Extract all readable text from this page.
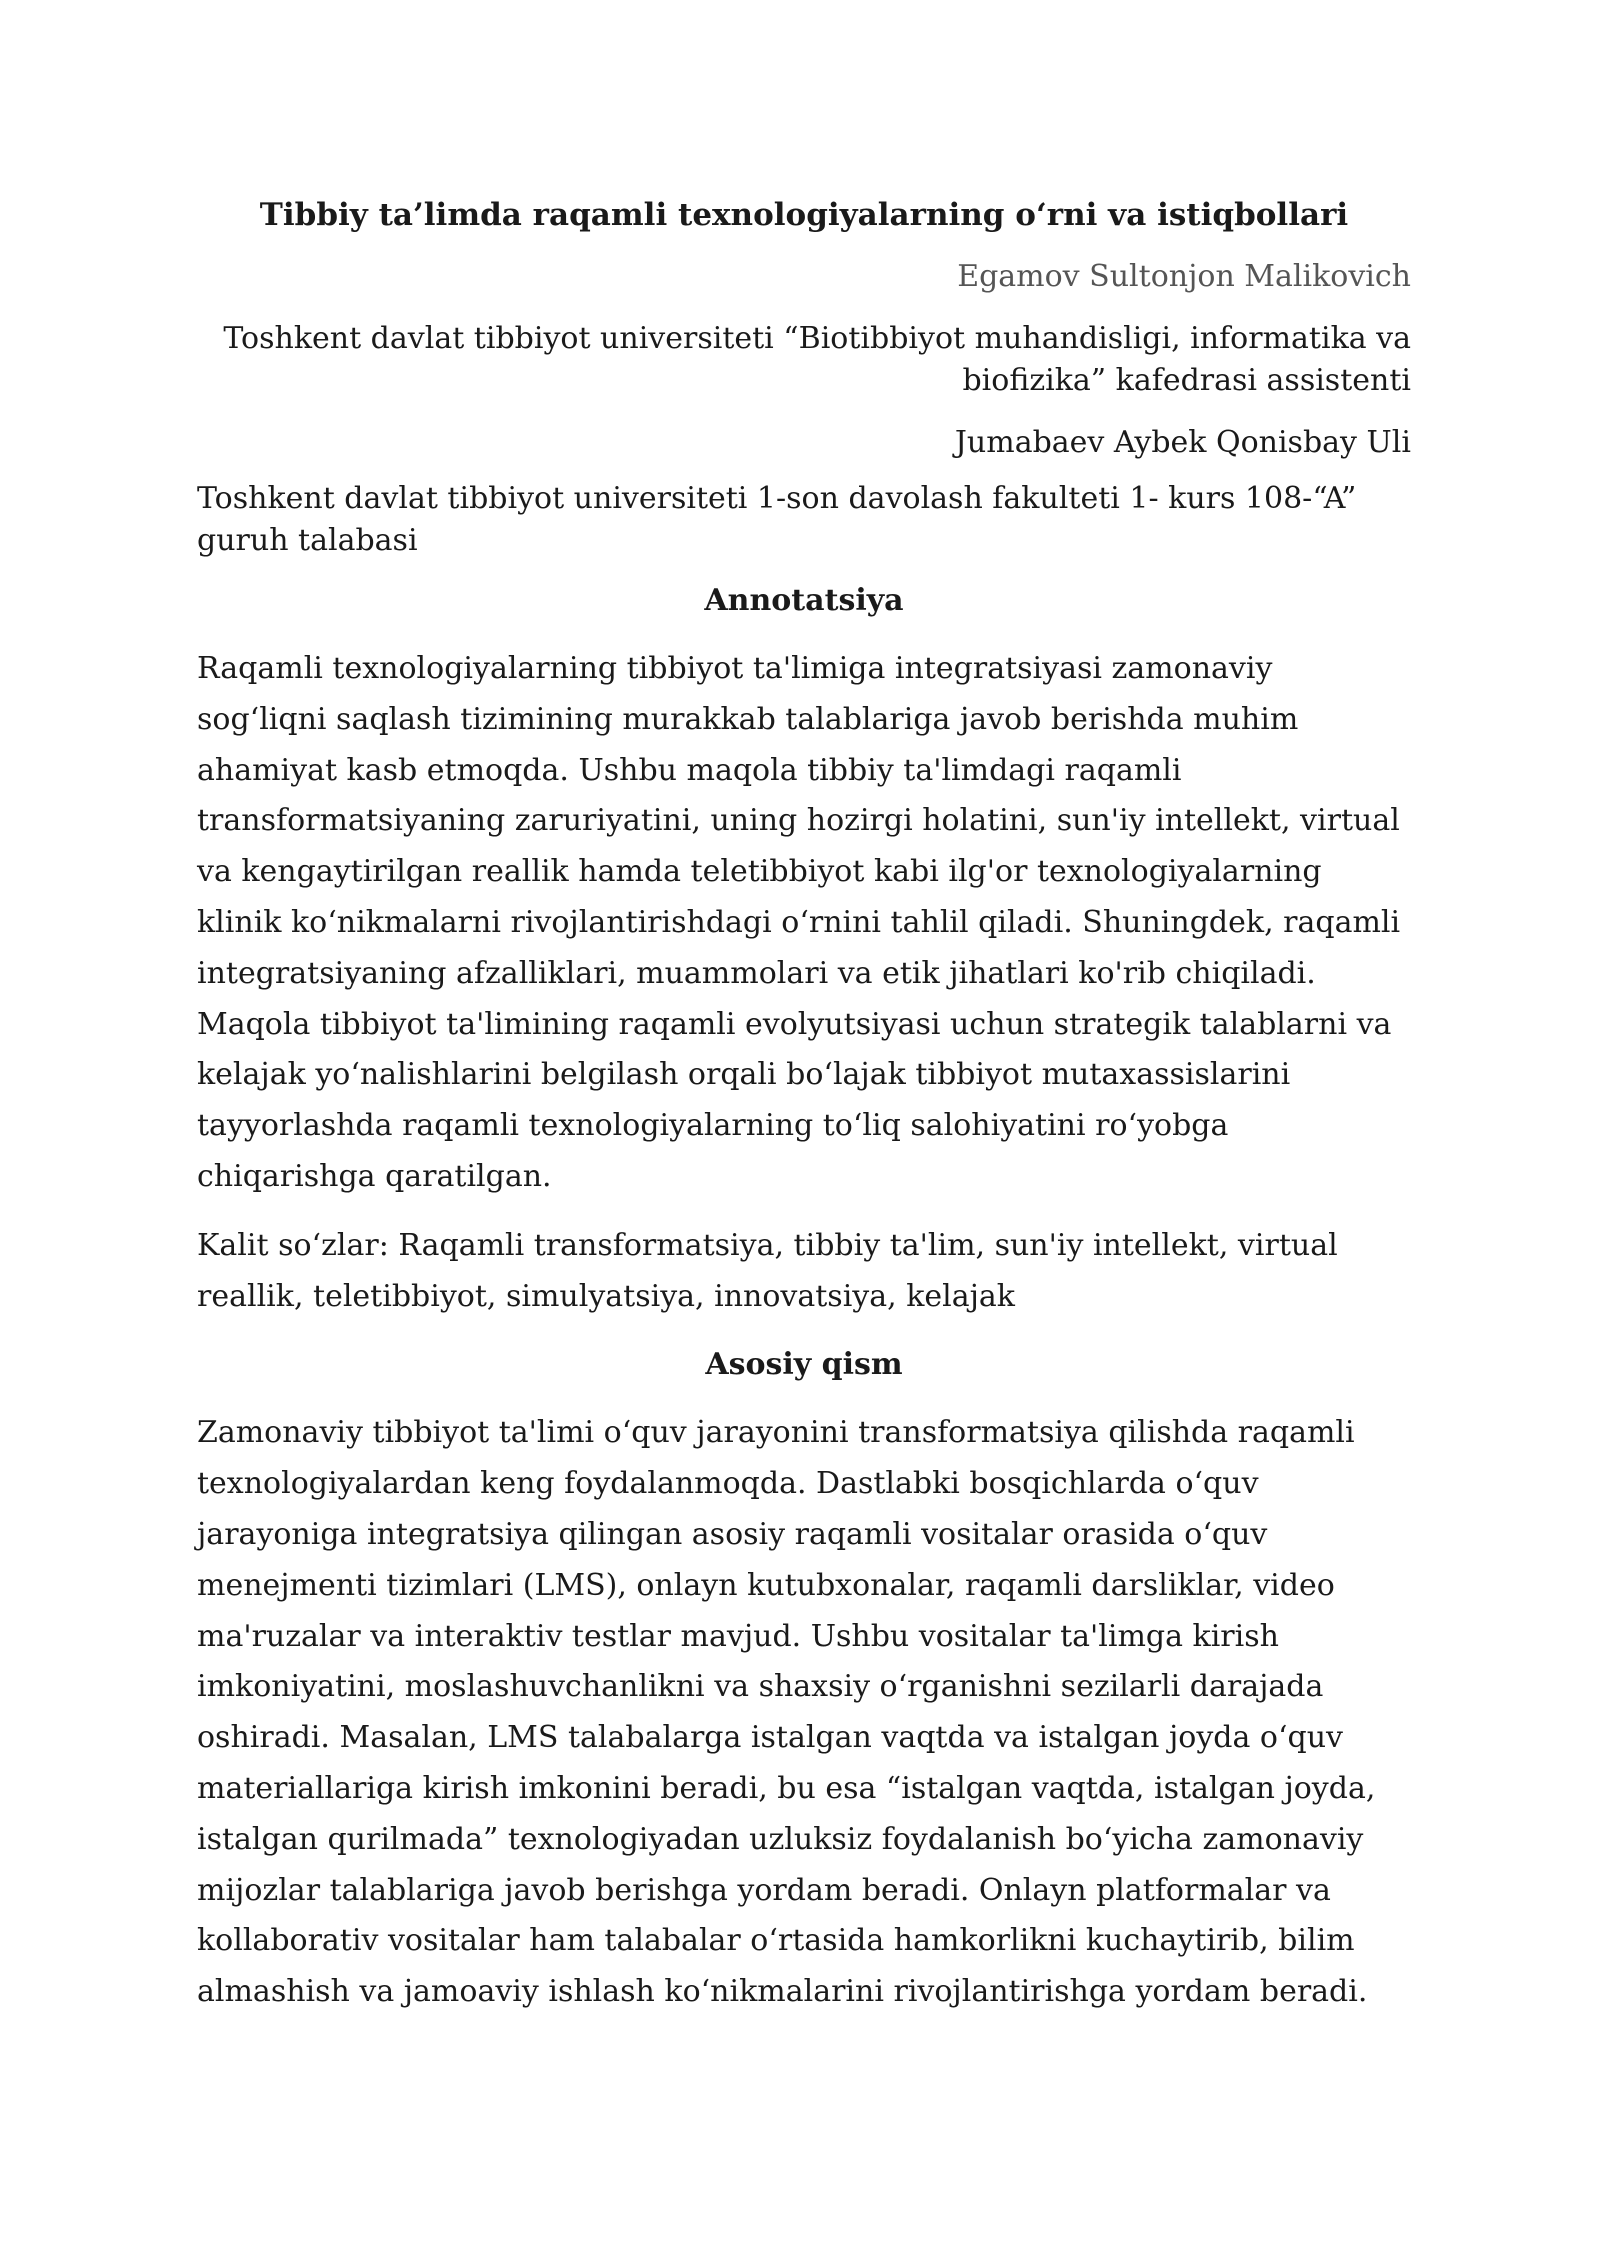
Tibbiy ta’limda raqamli texnologiyalarning o‘rni va istiqbollari
Egamov Sultonjon Malikovich
Toshkent davlat tibbiyot universiteti “Biotibbiyot muhandisligi, informatika va biofizika” kafedrasi assistenti
Jumabaev Aybek Qonisbay Uli
Toshkent davlat tibbiyot universiteti 1-son davolash fakulteti 1- kurs 108-“A” guruh talabasi
Annotatsiya
Raqamli texnologiyalarning tibbiyot ta'limiga integratsiyasi zamonaviy sog‘liqni saqlash tizimining murakkab talablariga javob berishda muhim ahamiyat kasb etmoqda. Ushbu maqola tibbiy ta'limdagi raqamli transformatsiyaning zaruriyatini, uning hozirgi holatini, sun'iy intellekt, virtual va kengaytirilgan reallik hamda teletibbiyot kabi ilg'or texnologiyalarning klinik ko‘nikmalarni rivojlantirishdagi o‘rnini tahlil qiladi. Shuningdek, raqamli integratsiyaning afzalliklari, muammolari va etik jihatlari ko'rib chiqiladi. Maqola tibbiyot ta'limining raqamli evolyutsiyasi uchun strategik talablarni va kelajak yo‘nalishlarini belgilash orqali bo‘lajak tibbiyot mutaxassislarini tayyorlashda raqamli texnologiyalarning to‘liq salohiyatini ro‘yobga chiqarishga qaratilgan.
Kalit so‘zlar: Raqamli transformatsiya, tibbiy ta'lim, sun'iy intellekt, virtual reallik, teletibbiyot, simulyatsiya, innovatsiya, kelajak
Asosiy qism
Zamonaviy tibbiyot ta'limi o‘quv jarayonini transformatsiya qilishda raqamli texnologiyalardan keng foydalanmoqda. Dastlabki bosqichlarda o‘quv jarayoniga integratsiya qilingan asosiy raqamli vositalar orasida o‘quv menejmenti tizimlari (LMS), onlayn kutubxonalar, raqamli darsliklar, video ma'ruzalar va interaktiv testlar mavjud. Ushbu vositalar ta'limga kirish imkoniyatini, moslashuvchanlikni va shaxsiy o‘rganishni sezilarli darajada oshiradi. Masalan, LMS talabalarga istalgan vaqtda va istalgan joyda o‘quv materiallariga kirish imkonini beradi, bu esa “istalgan vaqtda, istalgan joyda, istalgan qurilmada” texnologiyadan uzluksiz foydalanish bo‘yicha zamonaviy mijozlar talablariga javob berishga yordam beradi. Onlayn platformalar va kollaborativ vositalar ham talabalar o‘rtasida hamkorlikni kuchaytirib, bilim almashish va jamoaviy ishlash ko‘nikmalarini rivojlantirishga yordam beradi.
